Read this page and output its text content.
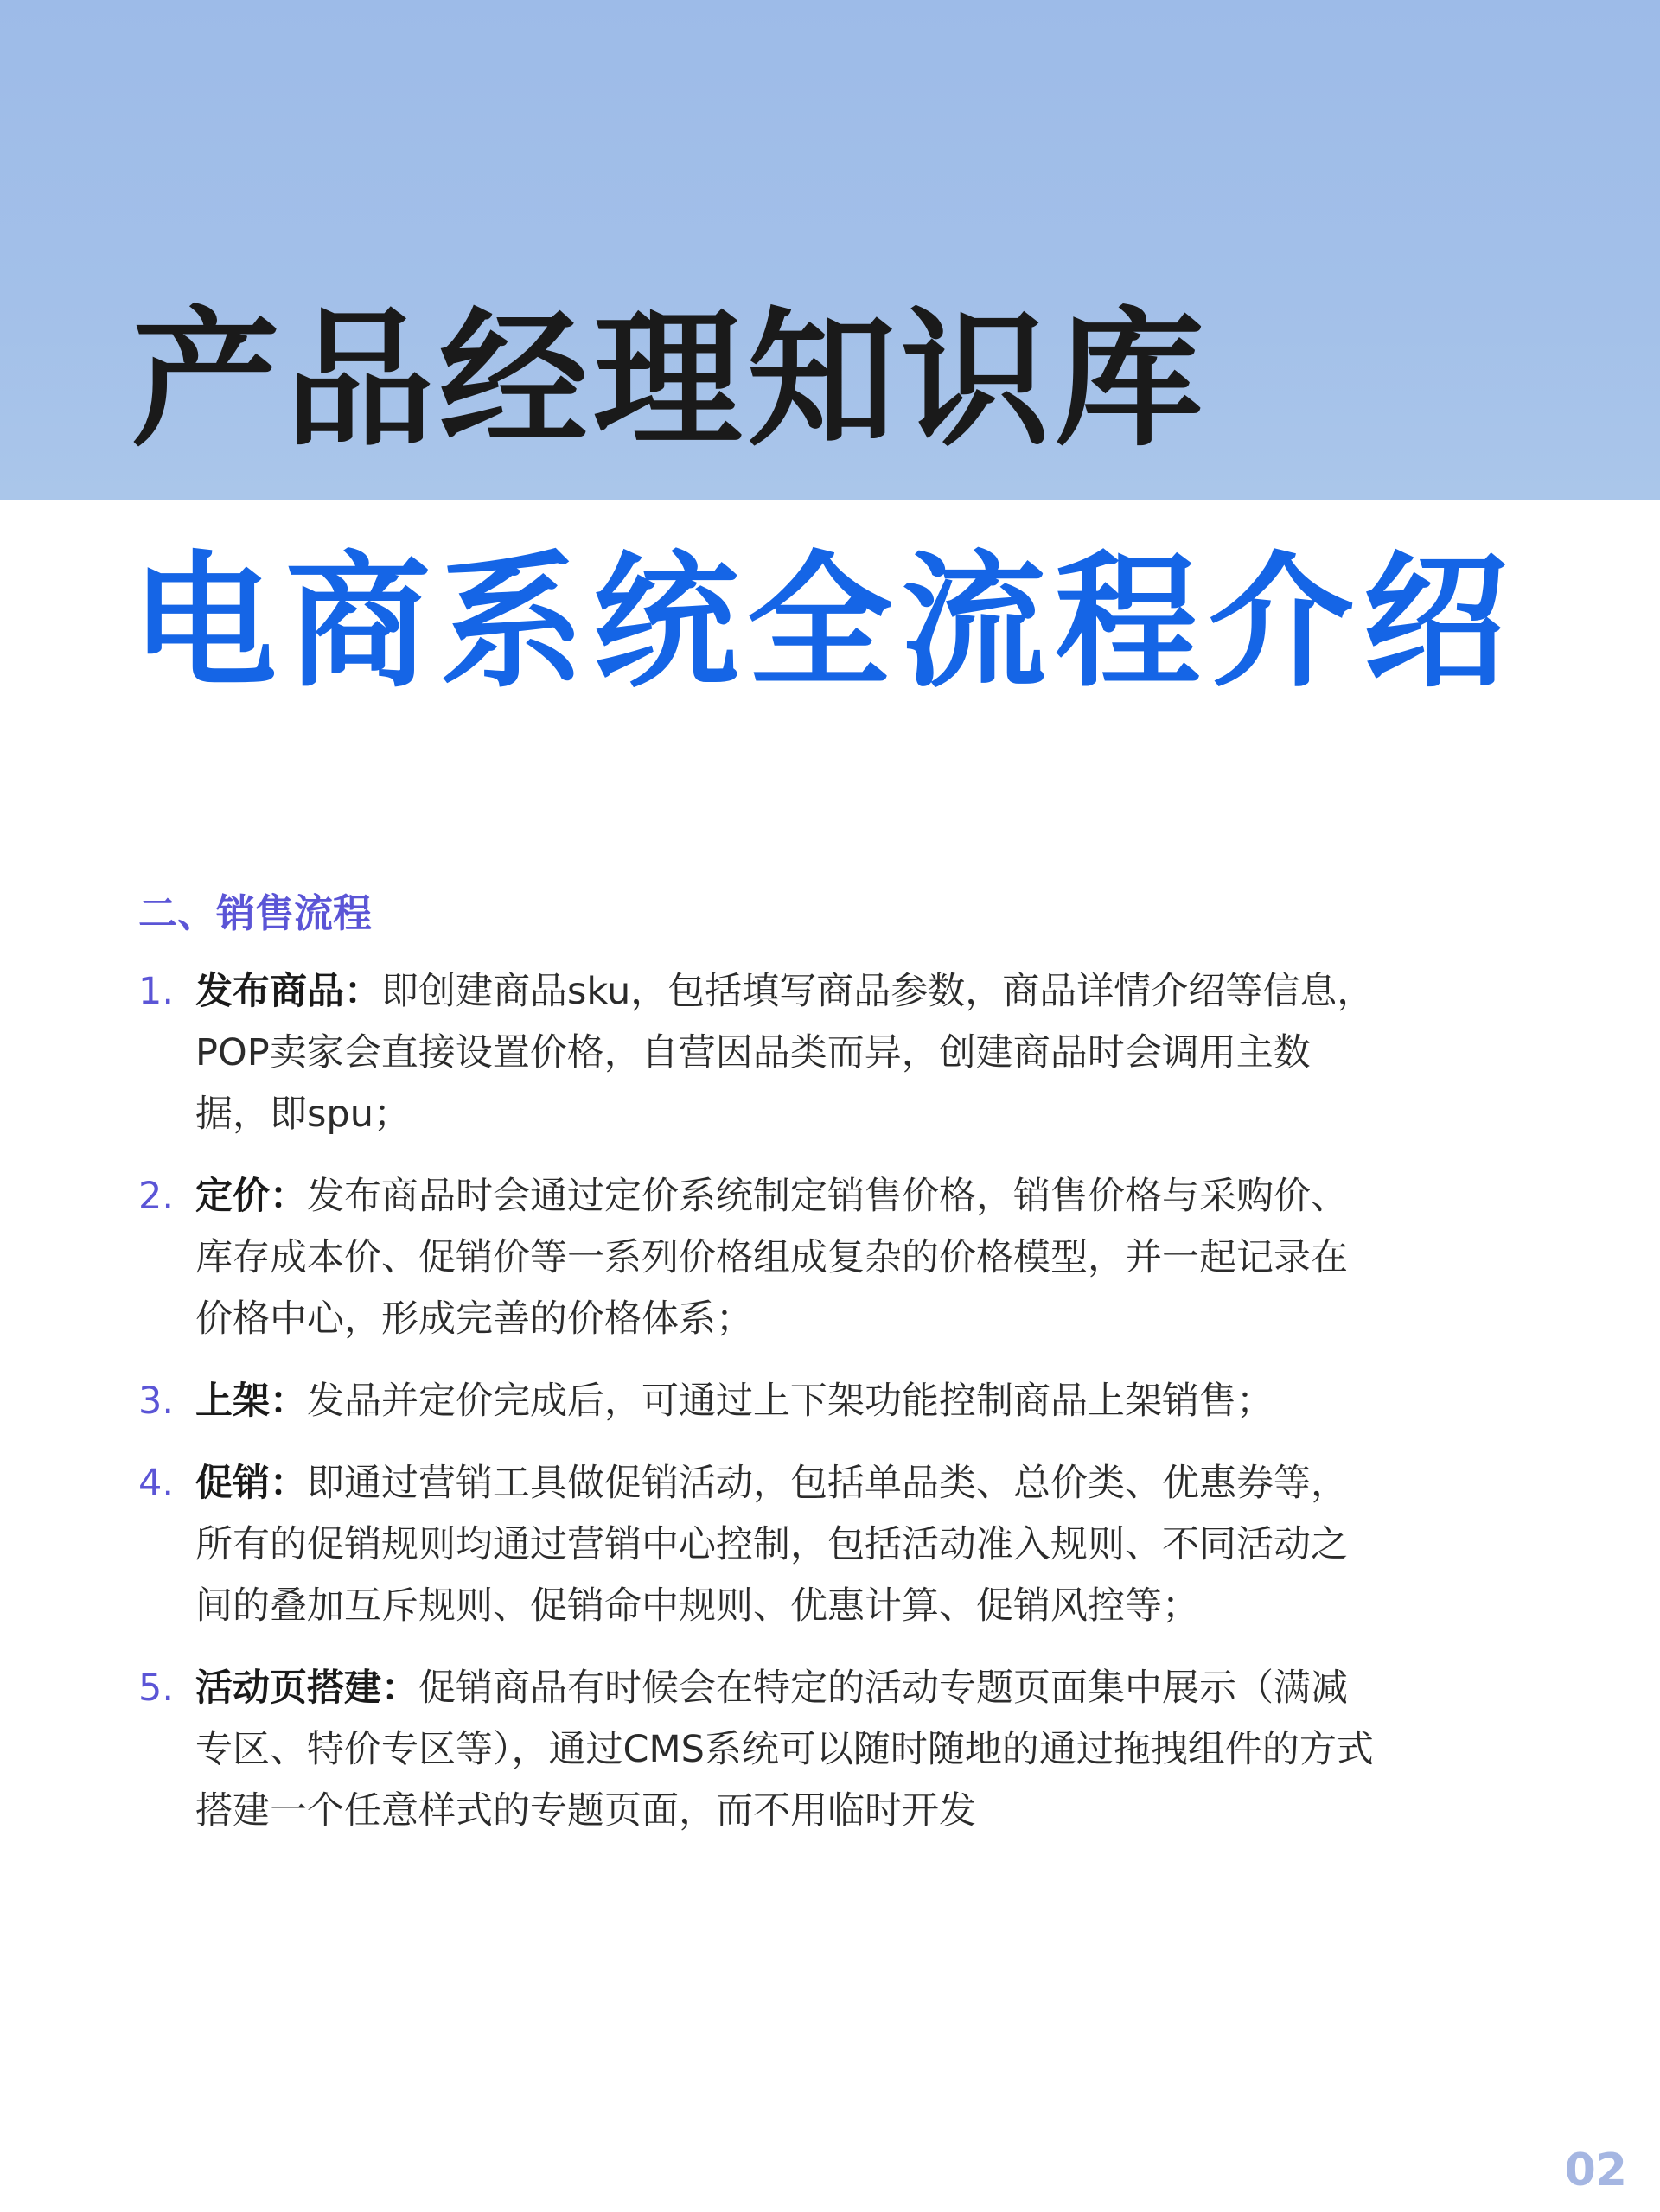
产品经理知识库
电商系统全流程介绍
二、销售流程
1. 发布商品：即创建商品sku，包括填写商品参数，商品详情介绍等信息，POP卖家会直接设置价格，自营因品类而异，创建商品时会调用主数据，即spu；
2. 定价：发布商品时会通过定价系统制定销售价格，销售价格与采购价、库存成本价、促销价等一系列价格组成复杂的价格模型，并一起记录在价格中心，形成完善的价格体系；
3. 上架：发品并定价完成后，可通过上下架功能控制商品上架销售；
4. 促销：即通过营销工具做促销活动，包括单品类、总价类、优惠券等，所有的促销规则均通过营销中心控制，包括活动准入规则、不同活动之间的叠加互斥规则、促销命中规则、优惠计算、促销风控等；
5. 活动页搭建：促销商品有时候会在特定的活动专题页面集中展示（满减专区、特价专区等），通过CMS系统可以随时随地的通过拖拽组件的方式搭建一个任意样式的专题页面，而不用临时开发
02
